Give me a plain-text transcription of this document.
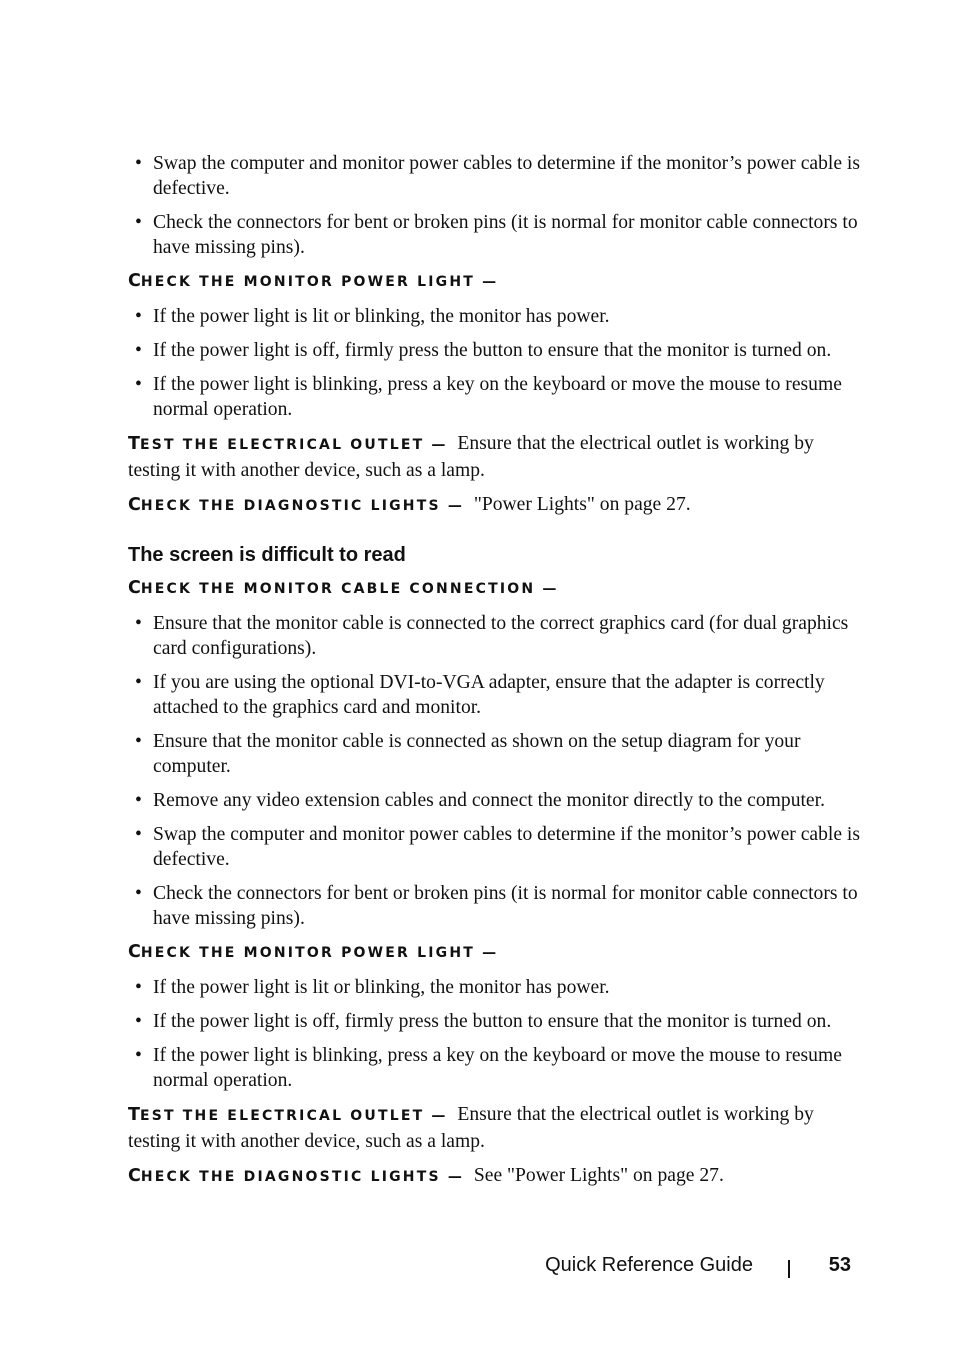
• Swap the computer and monitor power cables to determine if the monitor’s power cable is defective.
• Check the connectors for bent or broken pins (it is normal for monitor cable connectors to have missing pins).
CHECK THE MONITOR POWER LIGHT —
• If the power light is lit or blinking, the monitor has power.
• If the power light is off, firmly press the button to ensure that the monitor is turned on.
• If the power light is blinking, press a key on the keyboard or move the mouse to resume normal operation.

TEST THE ELECTRICAL OUTLET — Ensure that the electrical outlet is working by testing it with another device, such as a lamp.

CHECK THE DIAGNOSTIC LIGHTS — "Power Lights" on page 27.

The screen is difficult to read
CHECK THE MONITOR CABLE CONNECTION —
• Ensure that the monitor cable is connected to the correct graphics card (for dual graphics card configurations).
• If you are using the optional DVI-to-VGA adapter, ensure that the adapter is correctly attached to the graphics card and monitor.
• Ensure that the monitor cable is connected as shown on the setup diagram for your computer.
• Remove any video extension cables and connect the monitor directly to the computer.
• Swap the computer and monitor power cables to determine if the monitor’s power cable is defective.
• Check the connectors for bent or broken pins (it is normal for monitor cable connectors to have missing pins).
CHECK THE MONITOR POWER LIGHT —
• If the power light is lit or blinking, the monitor has power.
• If the power light is off, firmly press the button to ensure that the monitor is turned on.
• If the power light is blinking, press a key on the keyboard or move the mouse to resume normal operation.

TEST THE ELECTRICAL OUTLET — Ensure that the electrical outlet is working by testing it with another device, such as a lamp.

CHECK THE DIAGNOSTIC LIGHTS — See "Power Lights" on page 27.

Quick Reference Guide	53
